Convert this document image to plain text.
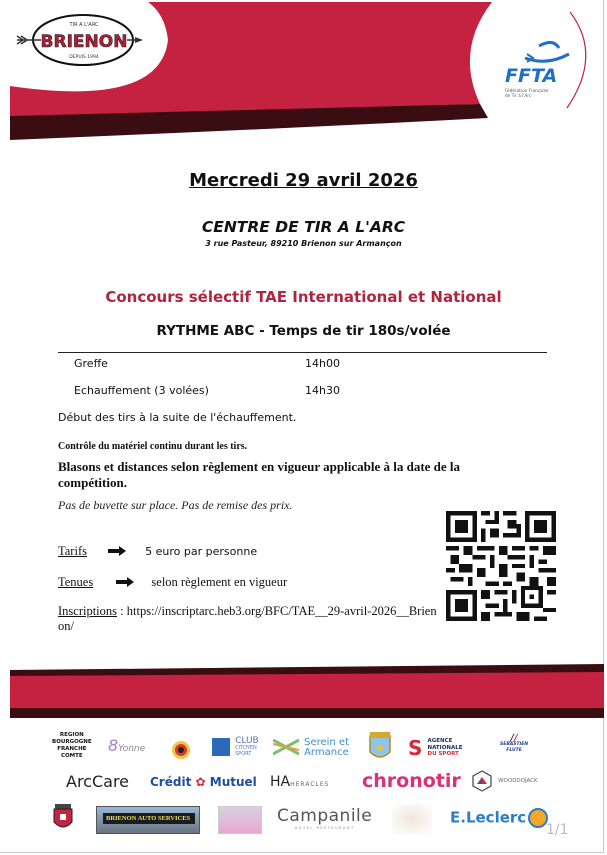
TIR A L'ARC
BRIENON
DEPUIS 1994
FFTA
Fédération Française
de Tir à l'Arc
Mercredi 29 avril 2026
CENTRE DE TIR A L'ARC
3 rue Pasteur, 89210 Brienon sur Armançon
Concours sélectif TAE International et National
RYTHME ABC - Temps de tir 180s/volée
Greffe	14h00
Echauffement (3 volées)	14h30
Début des tirs à la suite de l'échauffement.
Contrôle du matériel continu durant les tirs.
Blasons et distances selon règlement en vigueur applicable à la date de la compétition.
Pas de buvette sur place. Pas de remise des prix.
Tarifs	5 euro par personne
Tenues	selon règlement en vigueur
Inscriptions : https://inscriptarc.heb3.org/BFC/TAE__29-avril-2026__Brienon/
REGION
BOURGOGNE
FRANCHE
COMTE
8Yonne
CLUB
CITOYEN
SPORT
Serein et
Armance	S AGENCE
NATIONALE
DU SPORT
∕∕
SEBASTIEN
FLUTE
ArcCare Crédit ✿ Mutuel HAHERACLES chronotir	WOODDOJACK
BRIENON AUTO SERVICES	Campanile
HOTEL RESTAURANT
E.Leclerc
1/1
